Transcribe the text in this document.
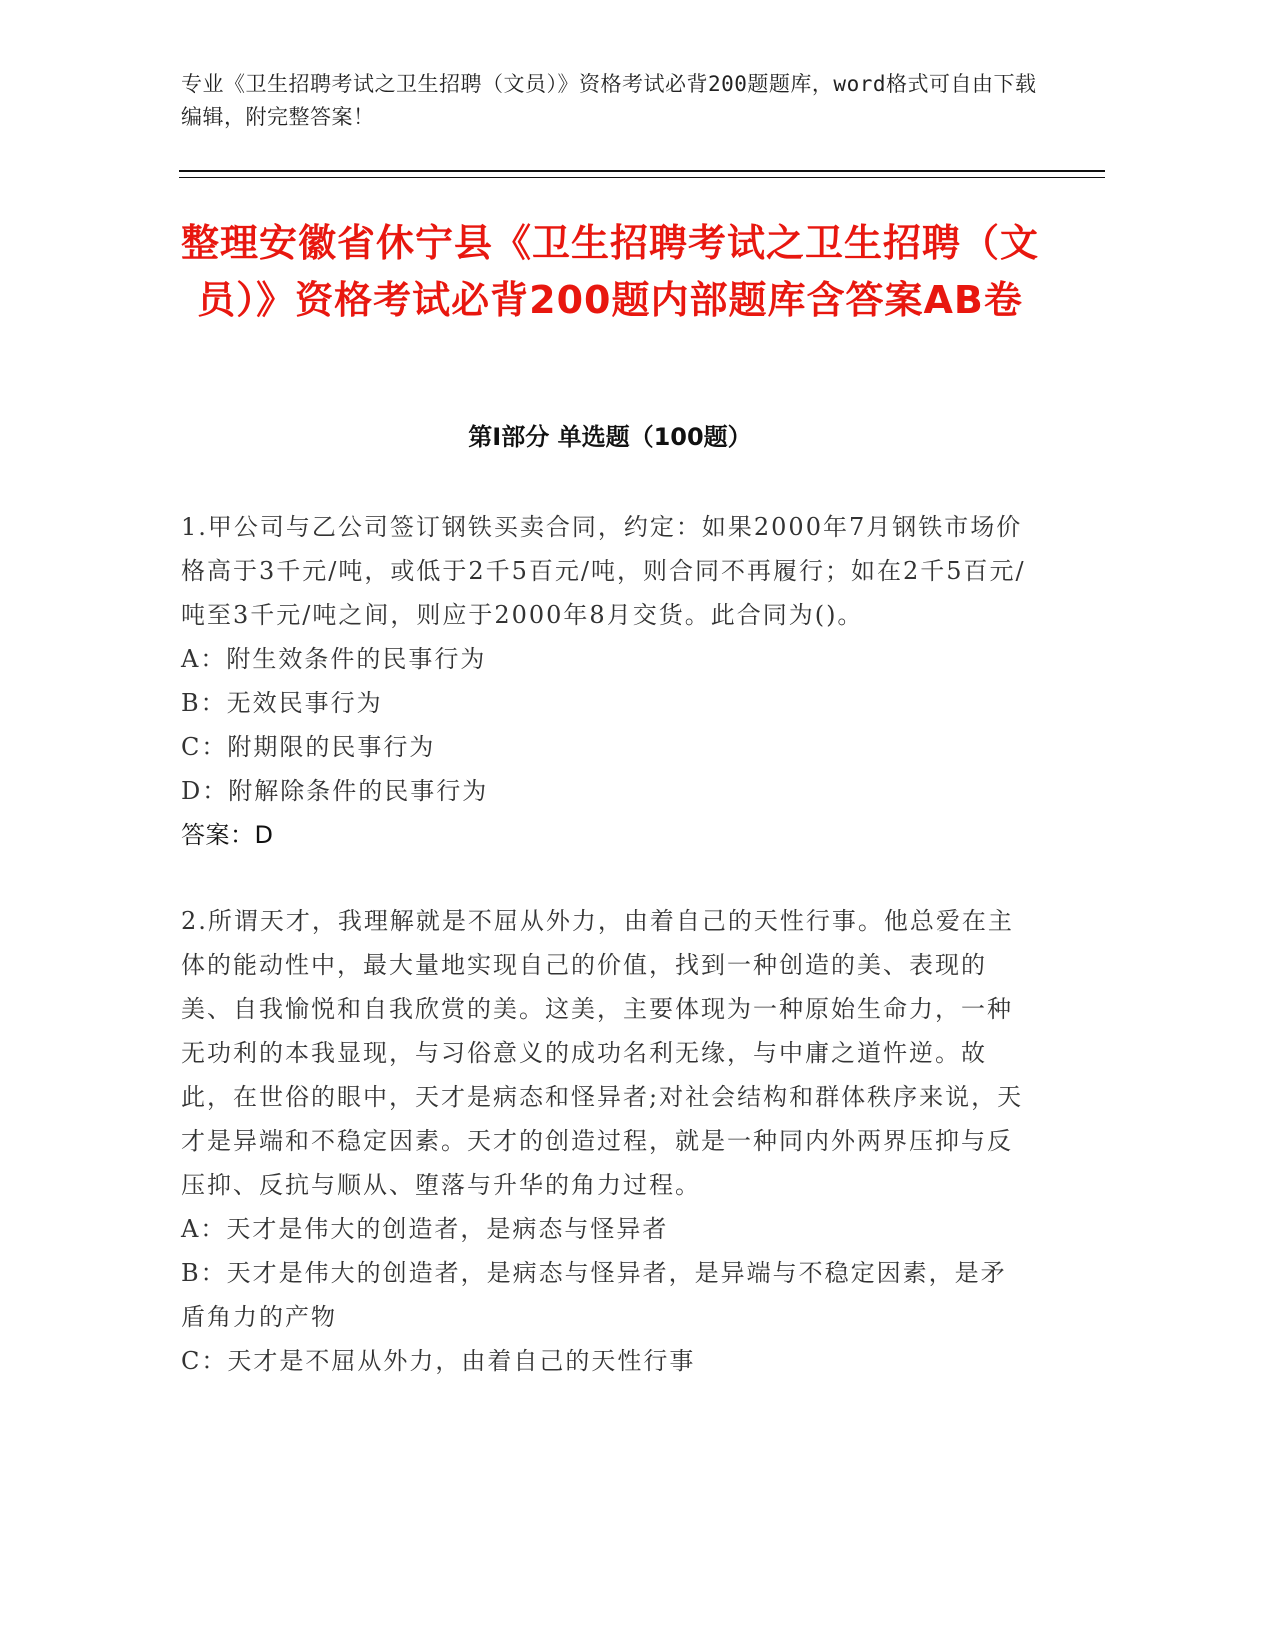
专业《卫生招聘考试之卫生招聘（文员）》资格考试必背200题题库，word格式可自由下载编辑，附完整答案！
整理安徽省休宁县《卫生招聘考试之卫生招聘（文员）》资格考试必背200题内部题库含答案AB卷
第Ⅰ部分 单选题（100题）

1.甲公司与乙公司签订钢铁买卖合同，约定：如果2000年7月钢铁市场价格高于3千元/吨，或低于2千5百元/吨，则合同不再履行；如在2千5百元/吨至3千元/吨之间，则应于2000年8月交货。此合同为()。

A：附生效条件的民事行为

B：无效民事行为

C：附期限的民事行为

D：附解除条件的民事行为

答案：D

2.所谓天才，我理解就是不屈从外力，由着自己的天性行事。他总爱在主体的能动性中，最大量地实现自己的价值，找到一种创造的美、表现的美、自我愉悦和自我欣赏的美。这美，主要体现为一种原始生命力，一种无功利的本我显现，与习俗意义的成功名利无缘，与中庸之道忤逆。故此，在世俗的眼中，天才是病态和怪异者;对社会结构和群体秩序来说，天才是异端和不稳定因素。天才的创造过程，就是一种同内外两界压抑与反压抑、反抗与顺从、堕落与升华的角力过程。

A：天才是伟大的创造者，是病态与怪异者

B：天才是伟大的创造者，是病态与怪异者，是异端与不稳定因素，是矛盾角力的产物

C：天才是不屈从外力，由着自己的天性行事
